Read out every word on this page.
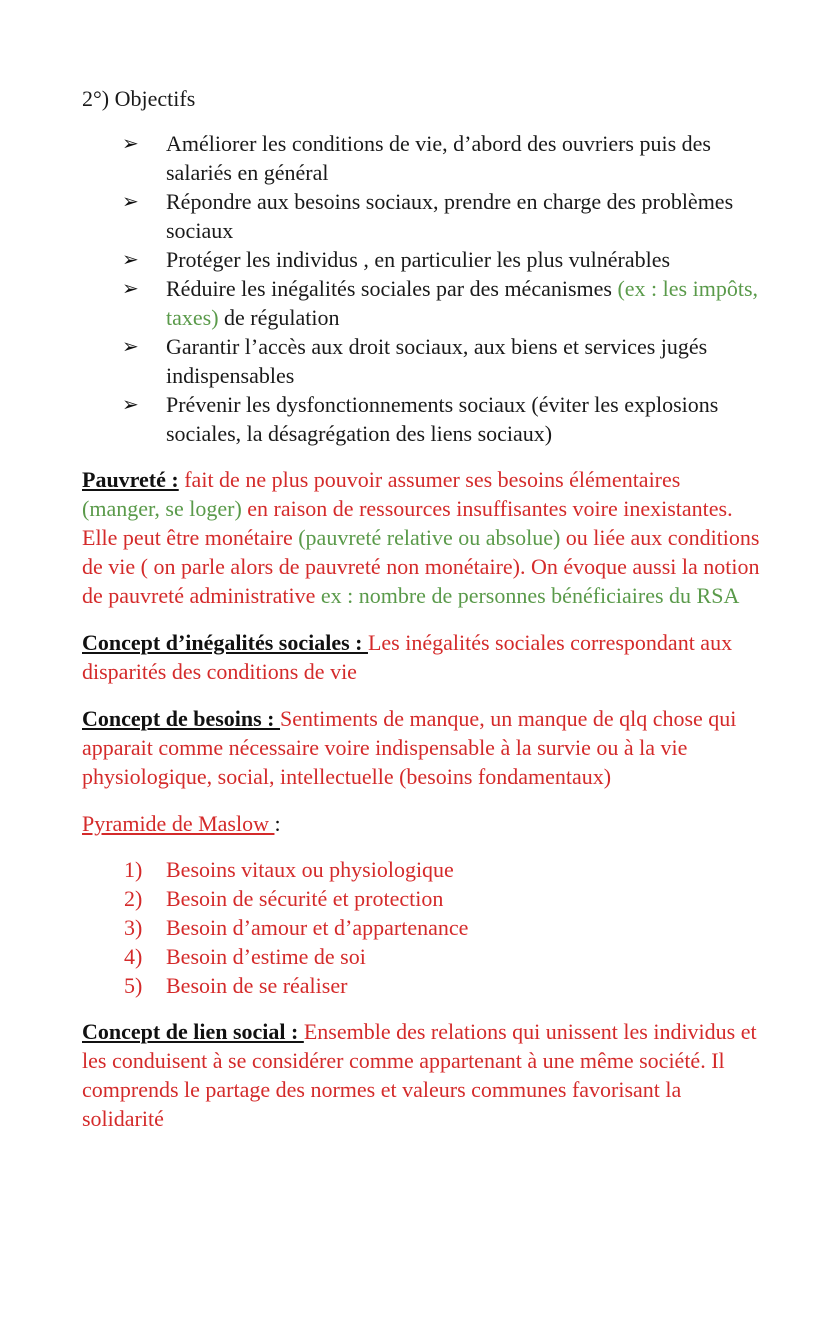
2°) Objectifs

➢ Améliorer les conditions de vie, d’abord des ouvriers puis des salariés en général
➢ Répondre aux besoins sociaux, prendre en charge des problèmes sociaux
➢ Protéger les individus , en particulier les plus vulnérables
➢ Réduire les inégalités sociales par des mécanismes (ex : les impôts, taxes) de régulation
➢ Garantir l’accès aux droit sociaux, aux biens et services jugés indispensables
➢ Prévenir les dysfonctionnements sociaux (éviter les explosions sociales, la désagrégation des liens sociaux)

Pauvreté : fait de ne plus pouvoir assumer ses besoins élémentaires (manger, se loger) en raison de ressources insuffisantes voire inexistantes. Elle peut être monétaire (pauvreté relative ou absolue) ou liée aux conditions de vie ( on parle alors de pauvreté non monétaire). On évoque aussi la notion de pauvreté administrative ex : nombre de personnes bénéficiaires du RSA

Concept d’inégalités sociales : Les inégalités sociales correspondant aux disparités des conditions de vie

Concept de besoins : Sentiments de manque, un manque de qlq chose qui apparait comme nécessaire voire indispensable à la survie ou à la vie physiologique, social, intellectuelle (besoins fondamentaux)

Pyramide de Maslow :

1) Besoins vitaux ou physiologique
2) Besoin de sécurité et protection
3) Besoin d’amour et d’appartenance
4) Besoin d’estime de soi
5) Besoin de se réaliser

Concept de lien social : Ensemble des relations qui unissent les individus et les conduisent à se considérer comme appartenant à une même société. Il comprends le partage des normes et valeurs communes favorisant la solidarité
